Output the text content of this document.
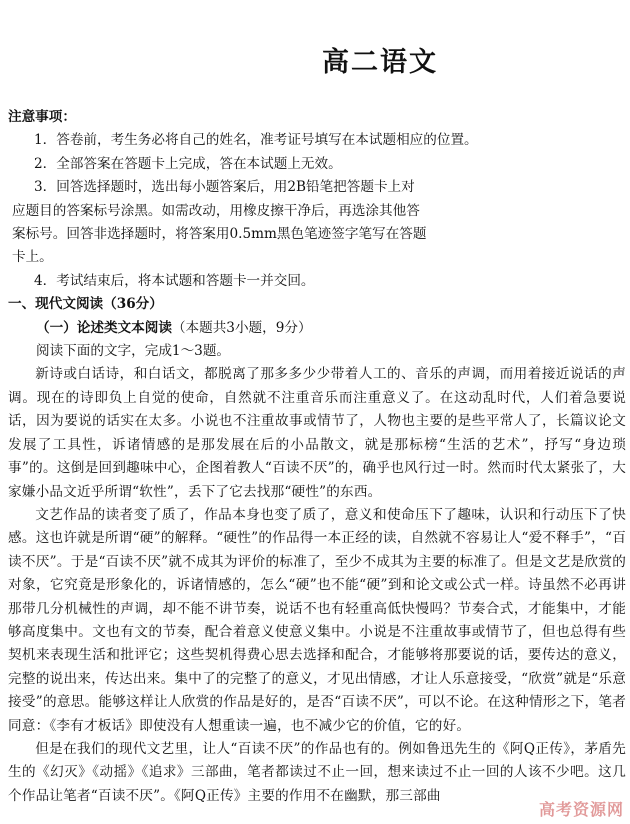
高二语文

注意事项：

1．答卷前，考生务必将自己的姓名，准考证号填写在本试题相应的位置。

2．全部答案在答题卡上完成，答在本试题上无效。

3．回答选择题时，选出每小题答案后，用2B铅笔把答题卡上对

应题目的答案标号涂黑。如需改动，用橡皮擦干净后，再选涂其他答

案标号。回答非选择题时，将答案用0.5mm黑色笔迹签字笔写在答题

卡上。

4．考试结束后，将本试题和答题卡一并交回。

一、现代文阅读（36分）

（一）论述类文本阅读（本题共3小题，9分）

阅读下面的文字，完成1～3题。

新诗或白话诗，和白话文，都脱离了那多多少少带着人工的、音乐的声调，而用着接近说话的声调。现在的诗即负上自觉的使命，自然就不注重音乐而注重意义了。在这动乱时代，人们着急要说话，因为要说的话实在太多。小说也不注重故事或情节了，人物也主要的是些平常人了，长篇议论文发展了工具性，诉诸情感的是那发展在后的小品散文，就是那标榜“生活的艺术”，抒写“身边琐事”的。这倒是回到趣味中心，企图着教人“百读不厌”的，确乎也风行过一时。然而时代太紧张了，大家嫌小品文近乎所谓“软性”，丢下了它去找那“硬性”的东西。

文艺作品的读者变了质了，作品本身也变了质了，意义和使命压下了趣味，认识和行动压下了快感。这也许就是所谓“硬”的解释。“硬性”的作品得一本正经的读，自然就不容易让人“爱不释手”，“百读不厌”。于是“百读不厌”就不成其为评价的标准了，至少不成其为主要的标准了。但是文艺是欣赏的对象，它究竟是形象化的，诉诸情感的，怎么“硬”也不能“硬”到和论文或公式一样。诗虽然不必再讲那带几分机械性的声调，却不能不讲节奏，说话不也有轻重高低快慢吗？节奏合式，才能集中，才能够高度集中。文也有文的节奏，配合着意义使意义集中。小说是不注重故事或情节了，但也总得有些契机来表现生活和批评它；这些契机得费心思去选择和配合，才能够将那要说的话，要传达的意义，完整的说出来，传达出来。集中了的完整了的意义，才见出情感，才让人乐意接受，“欣赏”就是“乐意接受”的意思。能够这样让人欣赏的作品是好的，是否“百读不厌”，可以不论。在这种情形之下，笔者同意：《李有才板话》即使没有人想重读一遍，也不减少它的价值，它的好。

但是在我们的现代文艺里，让人“百读不厌”的作品也有的。例如鲁迅先生的《阿Q正传》，茅盾先生的《幻灭》《动摇》《追求》三部曲，笔者都读过不止一回，想来读过不止一回的人该不少吧。这几个作品让笔者“百读不厌”。《阿Q正传》主要的作用不在幽默，那三部曲

高考资源网
